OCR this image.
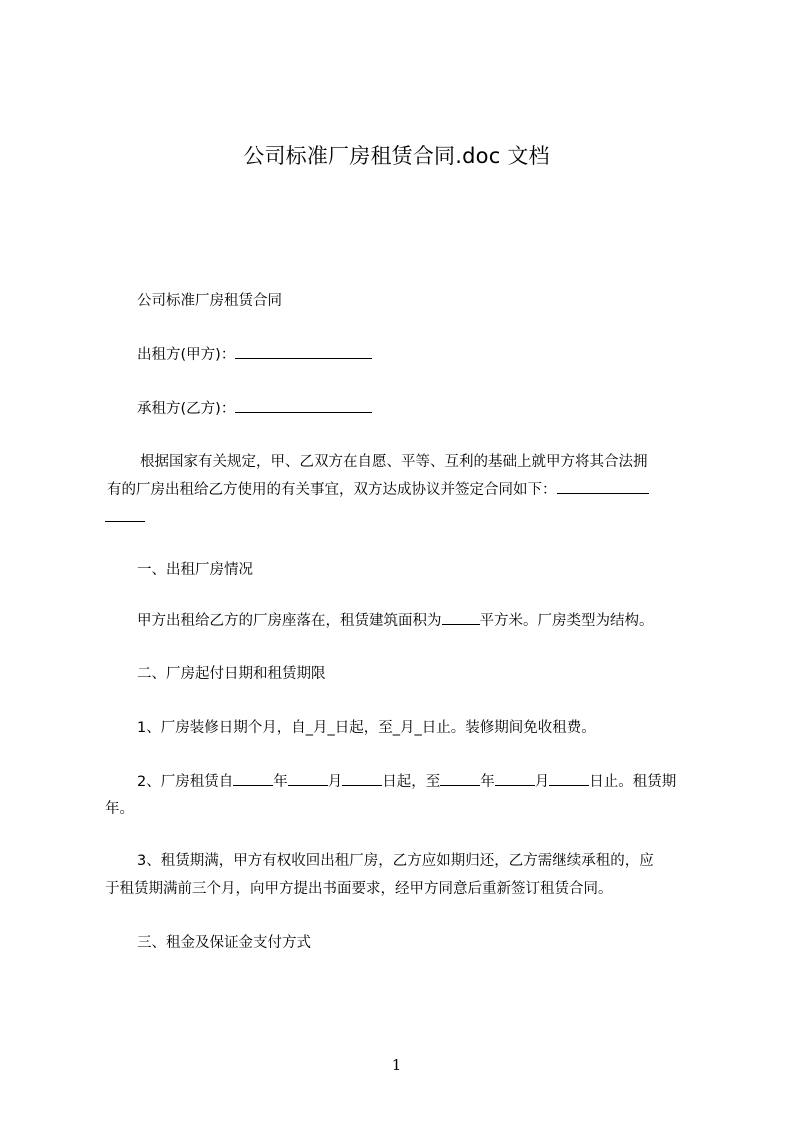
公司标准厂房租赁合同.doc 文档
公司标准厂房租赁合同
出租方(甲方)：
承租方(乙方)：
根据国家有关规定，甲、乙双方在自愿、平等、互利的基础上就甲方将其合法拥
有的厂房出租给乙方使用的有关事宜，双方达成协议并签定合同如下：
一、出租厂房情况
甲方出租给乙方的厂房座落在，租赁建筑面积为	平方米。厂房类型为结构。
二、厂房起付日期和租赁期限
1、厂房装修日期个月，自_月_日起，至_月_日止。装修期间免收租费。
2、厂房租赁自	年	月	日起，至	年	月	日止。租赁期
年。
3、租赁期满，甲方有权收回出租厂房，乙方应如期归还，乙方需继续承租的，应
于租赁期满前三个月，向甲方提出书面要求，经甲方同意后重新签订租赁合同。
三、租金及保证金支付方式
1
